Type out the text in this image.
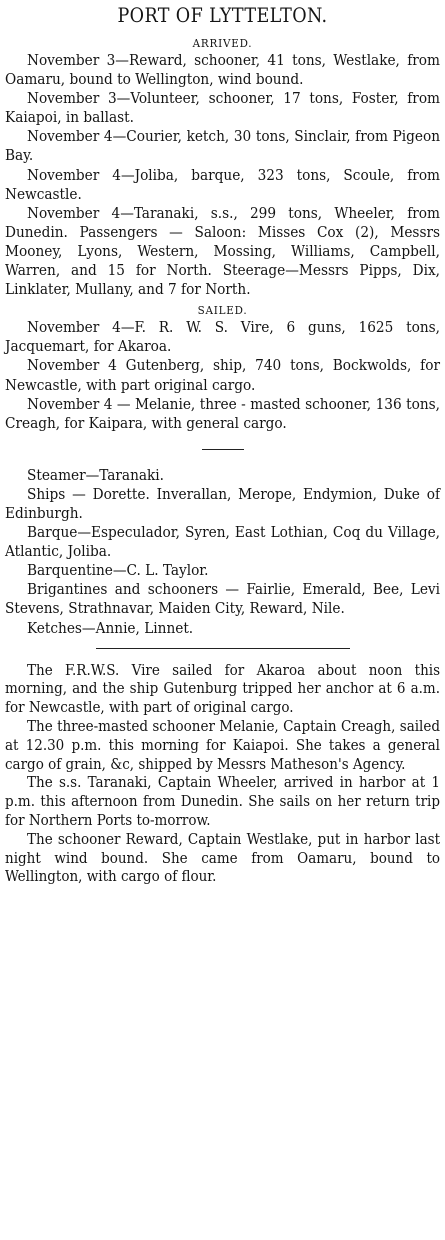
PORT OF LYTTELTON.
ARRIVED.

November 3—Reward, schooner, 41 tons, Westlake, from Oamaru, bound to Wellington, wind bound.

November 3—Volunteer, schooner, 17 tons, Foster, from Kaiapoi, in ballast.

November 4—Courier, ketch, 30 tons, Sinclair, from Pigeon Bay.

November 4—Joliba, barque, 323 tons, Scoule, from Newcastle.

November 4—Taranaki, s.s., 299 tons, Wheeler, from Dunedin. Passengers — Saloon: Misses Cox (2), Messrs Mooney, Lyons, Western, Mossing, Williams, Campbell, Warren, and 15 for North. Steerage—Messrs Pipps, Dix, Linklater, Mullany, and 7 for North.

SAILED.

November 4—F. R. W. S. Vire, 6 guns, 1625 tons, Jacquemart, for Akaroa.

November 4 Gutenberg, ship, 740 tons, Bockwolds, for Newcastle, with part original cargo.

November 4 — Melanie, three - masted schooner, 136 tons, Creagh, for Kaipara, with general cargo.

Steamer—Taranaki.

Ships — Dorette. Inverallan, Merope, Endymion, Duke of Edinburgh.

Barque—Especulador, Syren, East Lothian, Coq du Village, Atlantic, Joliba.

Barquentine—C. L. Taylor.

Brigantines and schooners — Fairlie, Emerald, Bee, Levi Stevens, Strathnavar, Maiden City, Reward, Nile.

Ketches—Annie, Linnet.

The F.R.W.S. Vire sailed for Akaroa about noon this morning, and the ship Gutenburg tripped her anchor at 6 a.m. for Newcastle, with part of original cargo.

The three-masted schooner Melanie, Captain Creagh, sailed at 12.30 p.m. this morning for Kaiapoi. She takes a general cargo of grain, &c, shipped by Messrs Matheson's Agency.

The s.s. Taranaki, Captain Wheeler, arrived in harbor at 1 p.m. this afternoon from Dunedin. She sails on her return trip for Northern Ports to-morrow.

The schooner Reward, Captain Westlake, put in harbor last night wind bound. She came from Oamaru, bound to Wellington, with cargo of flour.
